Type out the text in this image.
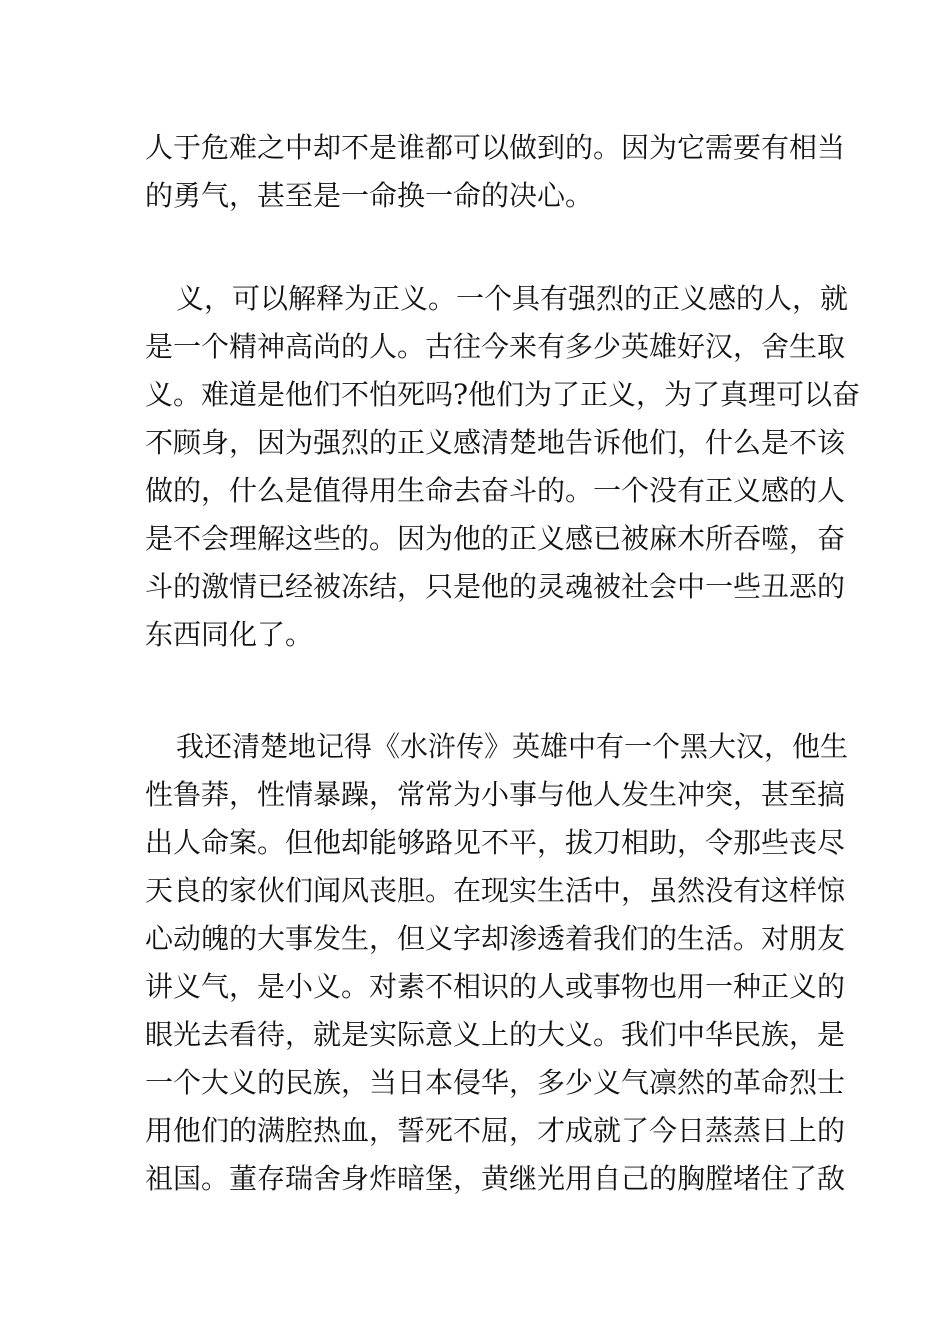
人于危难之中却不是谁都可以做到的。因为它需要有相当
的勇气，甚至是一命换一命的决心。
义，可以解释为正义。一个具有强烈的正义感的人，就
是一个精神高尚的人。古往今来有多少英雄好汉，舍生取
义。难道是他们不怕死吗?他们为了正义，为了真理可以奋
不顾身，因为强烈的正义感清楚地告诉他们，什么是不该
做的，什么是值得用生命去奋斗的。一个没有正义感的人
是不会理解这些的。因为他的正义感已被麻木所吞噬，奋
斗的激情已经被冻结，只是他的灵魂被社会中一些丑恶的
东西同化了。
我还清楚地记得《水浒传》英雄中有一个黑大汉，他生
性鲁莽，性情暴躁，常常为小事与他人发生冲突，甚至搞
出人命案。但他却能够路见不平，拔刀相助，令那些丧尽
天良的家伙们闻风丧胆。在现实生活中，虽然没有这样惊
心动魄的大事发生，但义字却渗透着我们的生活。对朋友
讲义气，是小义。对素不相识的人或事物也用一种正义的
眼光去看待，就是实际意义上的大义。我们中华民族，是
一个大义的民族，当日本侵华，多少义气凛然的革命烈士
用他们的满腔热血，誓死不屈，才成就了今日蒸蒸日上的
祖国。董存瑞舍身炸暗堡，黄继光用自己的胸膛堵住了敌
